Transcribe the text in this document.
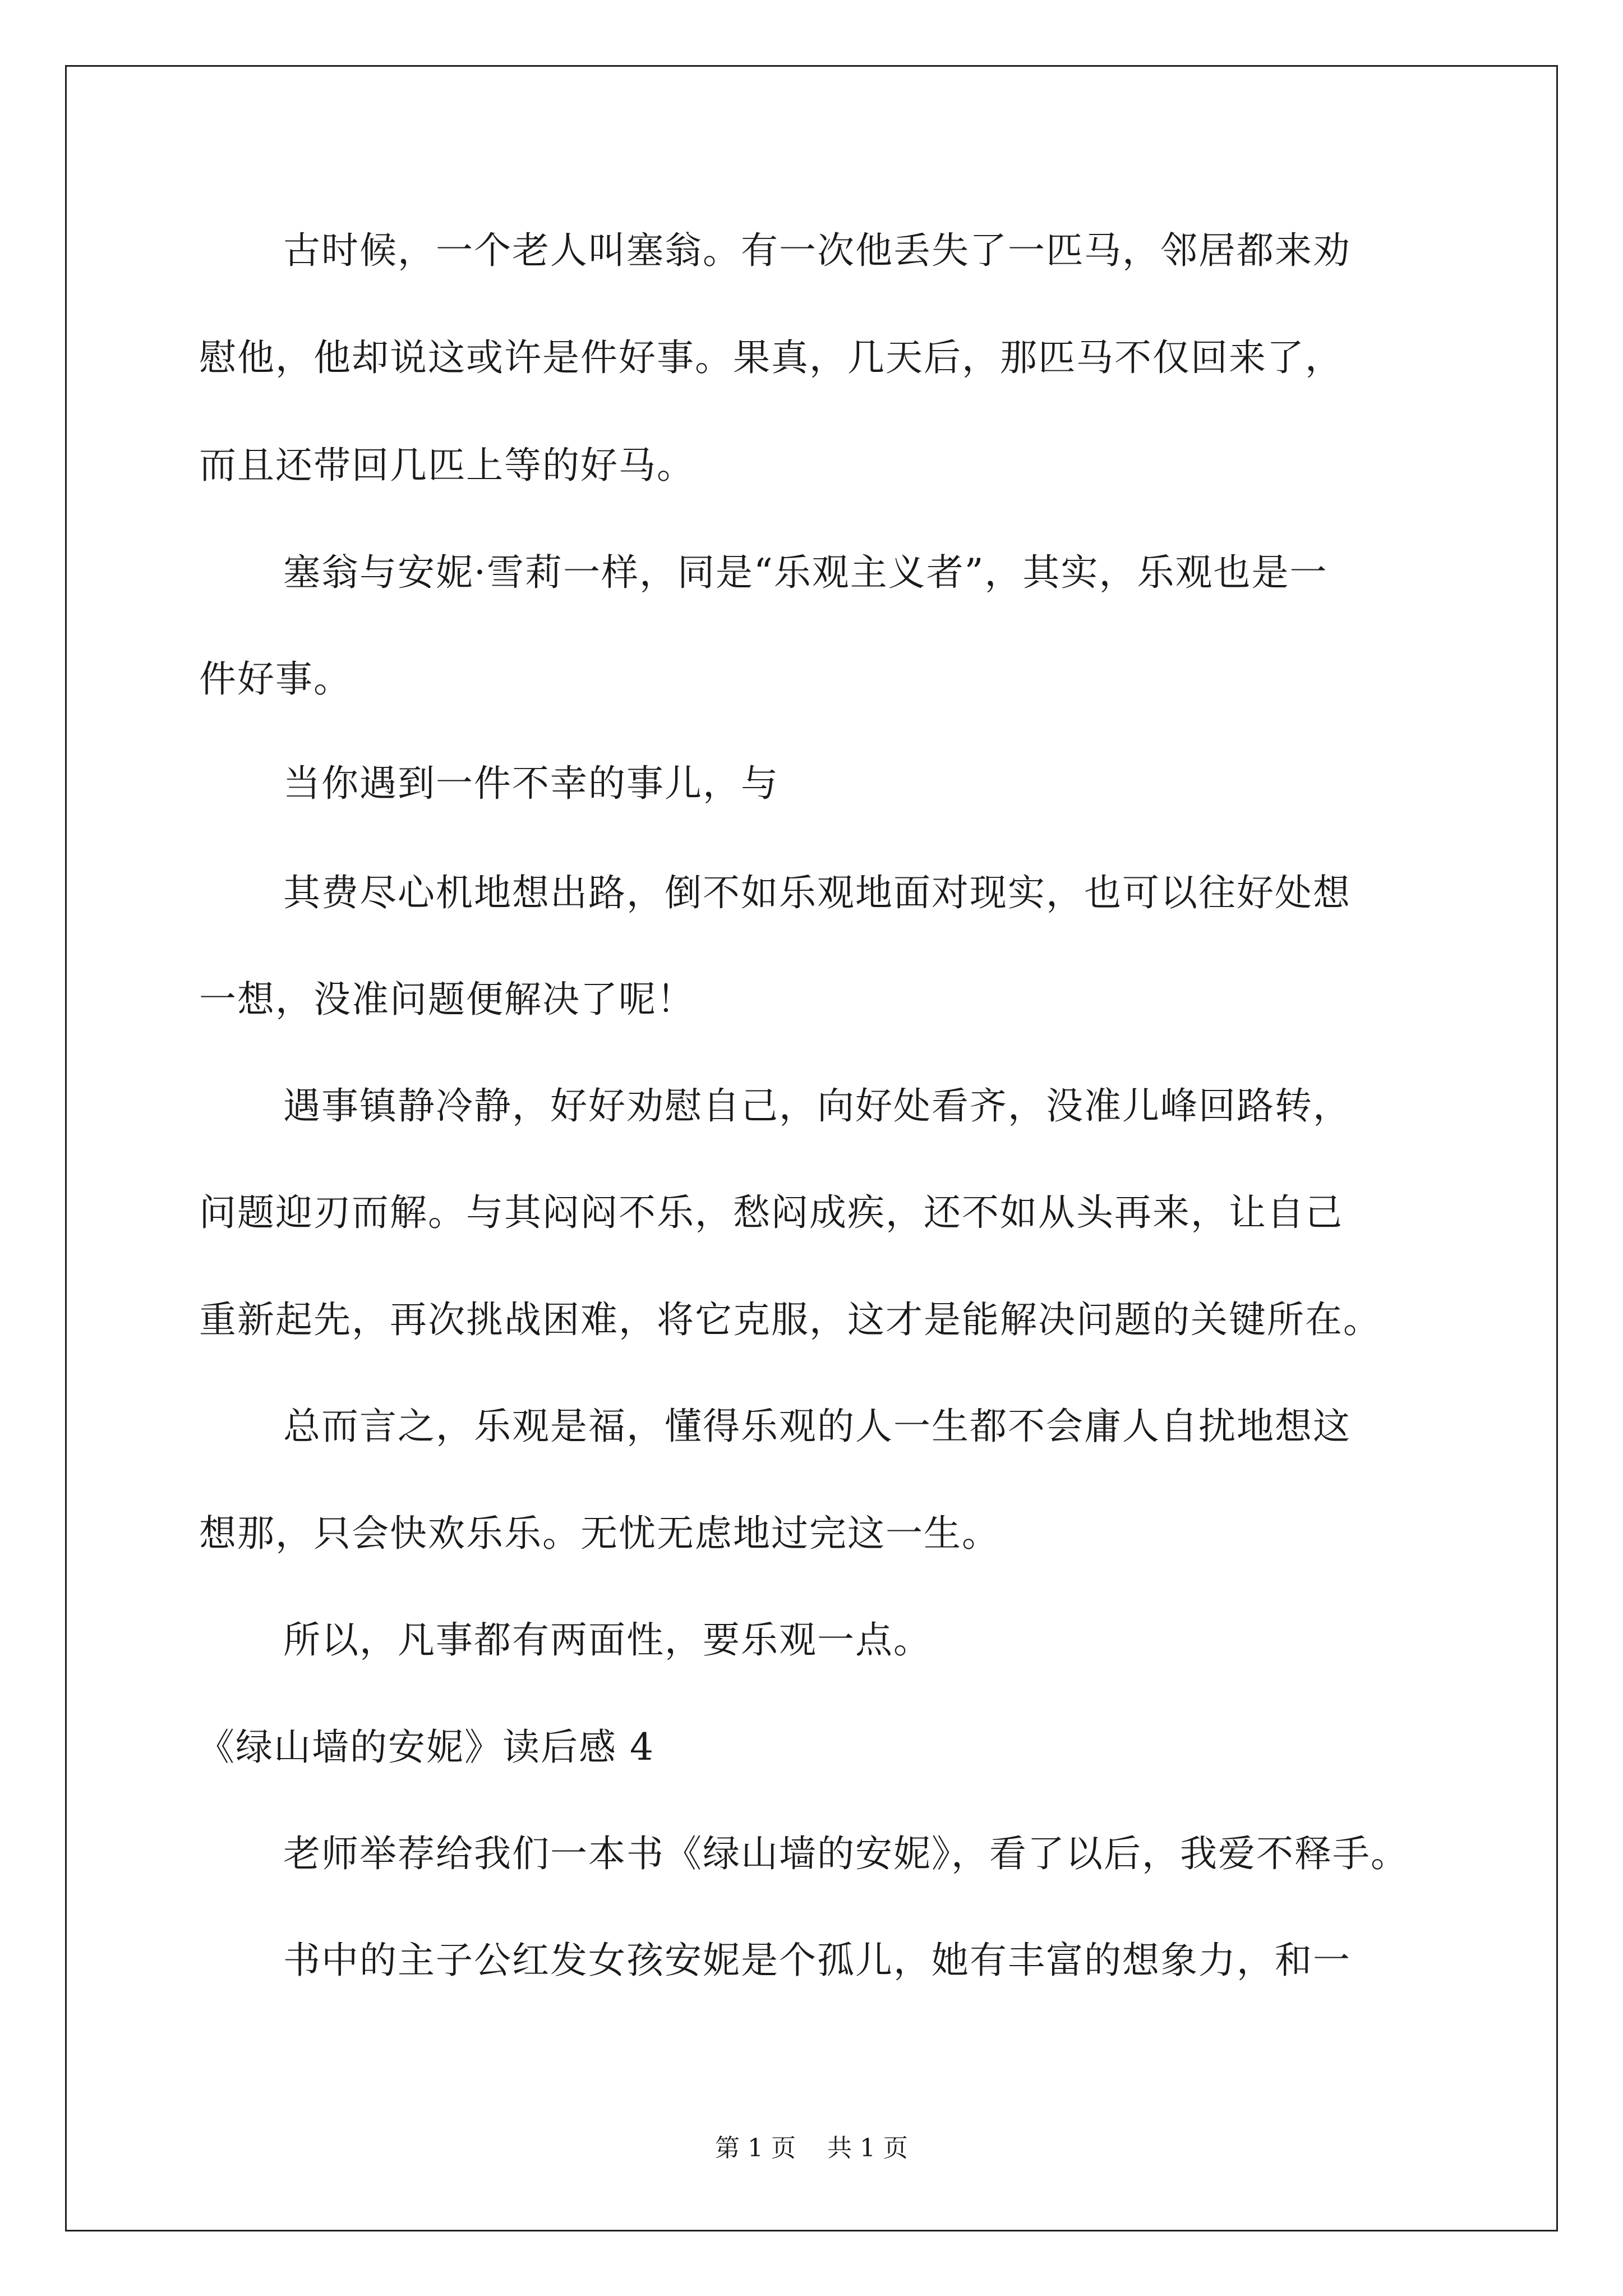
古时候，一个老人叫塞翁。有一次他丢失了一匹马，邻居都来劝
慰他，他却说这或许是件好事。果真，几天后，那匹马不仅回来了，
而且还带回几匹上等的好马。
塞翁与安妮·雪莉一样，同是“乐观主义者”，其实，乐观也是一
件好事。
当你遇到一件不幸的事儿，与
其费尽心机地想出路，倒不如乐观地面对现实，也可以往好处想
一想，没准问题便解决了呢！
遇事镇静冷静，好好劝慰自己，向好处看齐，没准儿峰回路转，
问题迎刃而解。与其闷闷不乐，愁闷成疾，还不如从头再来，让自己
重新起先，再次挑战困难，将它克服，这才是能解决问题的关键所在。
总而言之，乐观是福，懂得乐观的人一生都不会庸人自扰地想这
想那，只会快欢乐乐。无忧无虑地过完这一生。
所以，凡事都有两面性，要乐观一点。
《绿山墙的安妮》读后感 4
老师举荐给我们一本书《绿山墙的安妮》，看了以后，我爱不释手。
书中的主子公红发女孩安妮是个孤儿，她有丰富的想象力，和一
第 1 页    共 1 页
